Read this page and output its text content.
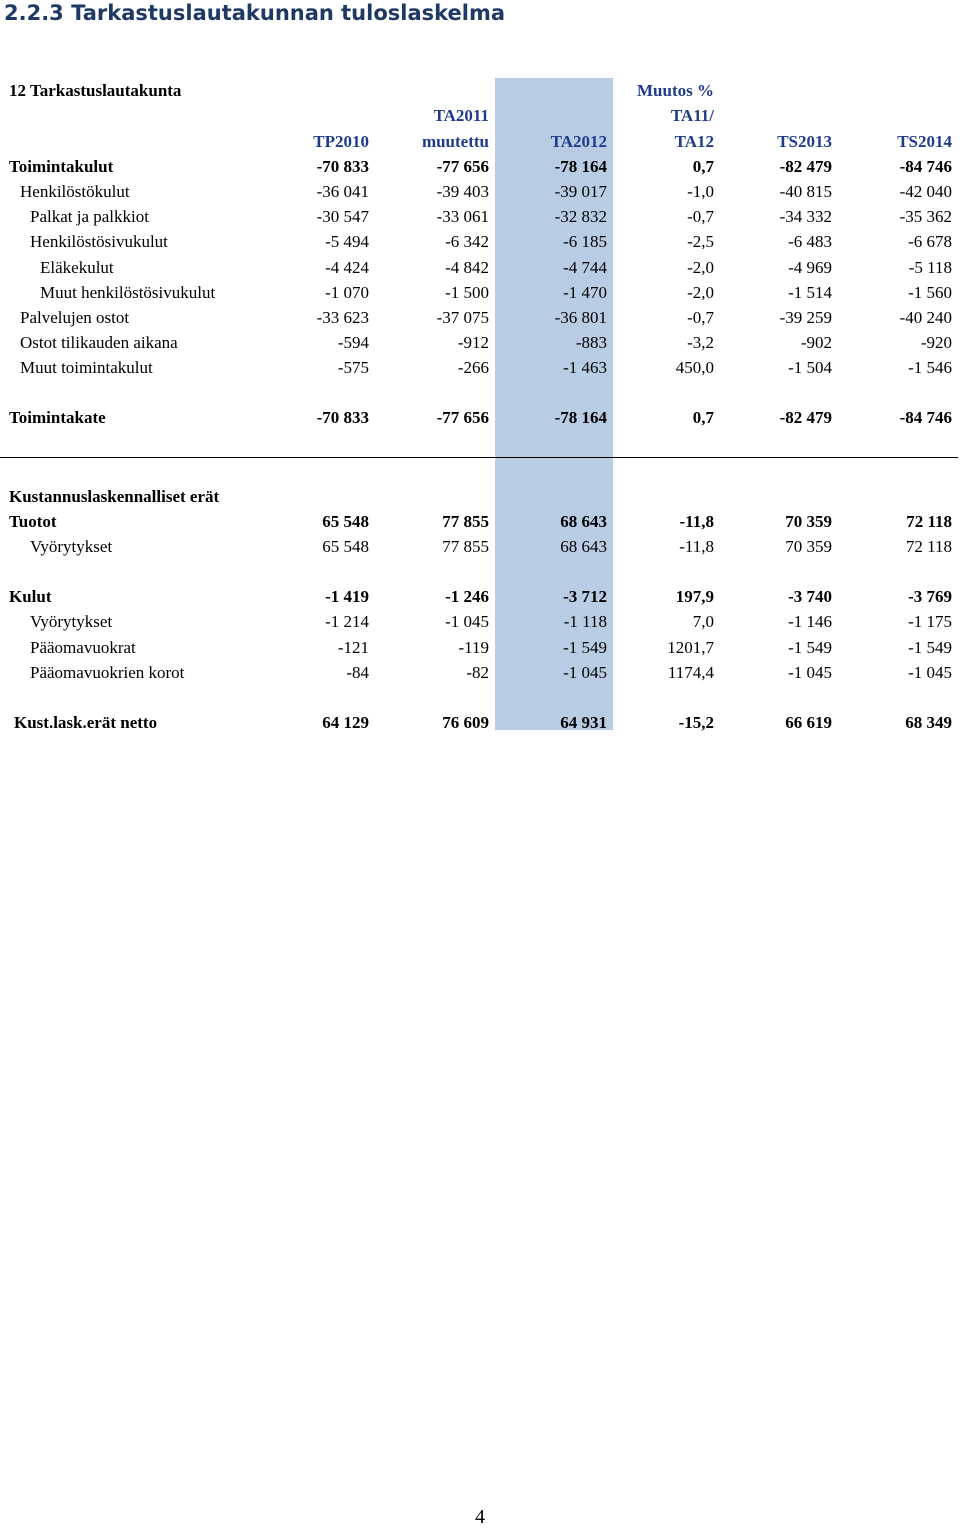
2.2.3 Tarkastuslautakunnan tuloslaskelma
12 Tarkastuslautakunta				Muutos %		
		TA2011		TA11/		
	TP2010	muutettu	TA2012	TA12	TS2013	TS2014
Toimintakulut	-70 833	-77 656	-78 164	0,7	-82 479	-84 746
Henkilöstökulut	-36 041	-39 403	-39 017	-1,0	-40 815	-42 040
Palkat ja palkkiot	-30 547	-33 061	-32 832	-0,7	-34 332	-35 362
Henkilöstösivukulut	-5 494	-6 342	-6 185	-2,5	-6 483	-6 678
Eläkekulut	-4 424	-4 842	-4 744	-2,0	-4 969	-5 118
Muut henkilöstösivukulut	-1 070	-1 500	-1 470	-2,0	-1 514	-1 560
Palvelujen ostot	-33 623	-37 075	-36 801	-0,7	-39 259	-40 240
Ostot tilikauden aikana	-594	-912	-883	-3,2	-902	-920
Muut toimintakulut	-575	-266	-1 463	450,0	-1 504	-1 546

Toimintakate	-70 833	-77 656	-78 164	0,7	-82 479	-84 746

Kustannuslaskennalliset erät						
Tuotot	65 548	77 855	68 643	-11,8	70 359	72 118
Vyörytykset	65 548	77 855	68 643	-11,8	70 359	72 118

Kulut	-1 419	-1 246	-3 712	197,9	-3 740	-3 769
Vyörytykset	-1 214	-1 045	-1 118	7,0	-1 146	-1 175
Pääomavuokrat	-121	-119	-1 549	1201,7	-1 549	-1 549
Pääomavuokrien korot	-84	-82	-1 045	1174,4	-1 045	-1 045

Kust.lask.erät netto	64 129	76 609	64 931	-15,2	66 619	68 349
4
